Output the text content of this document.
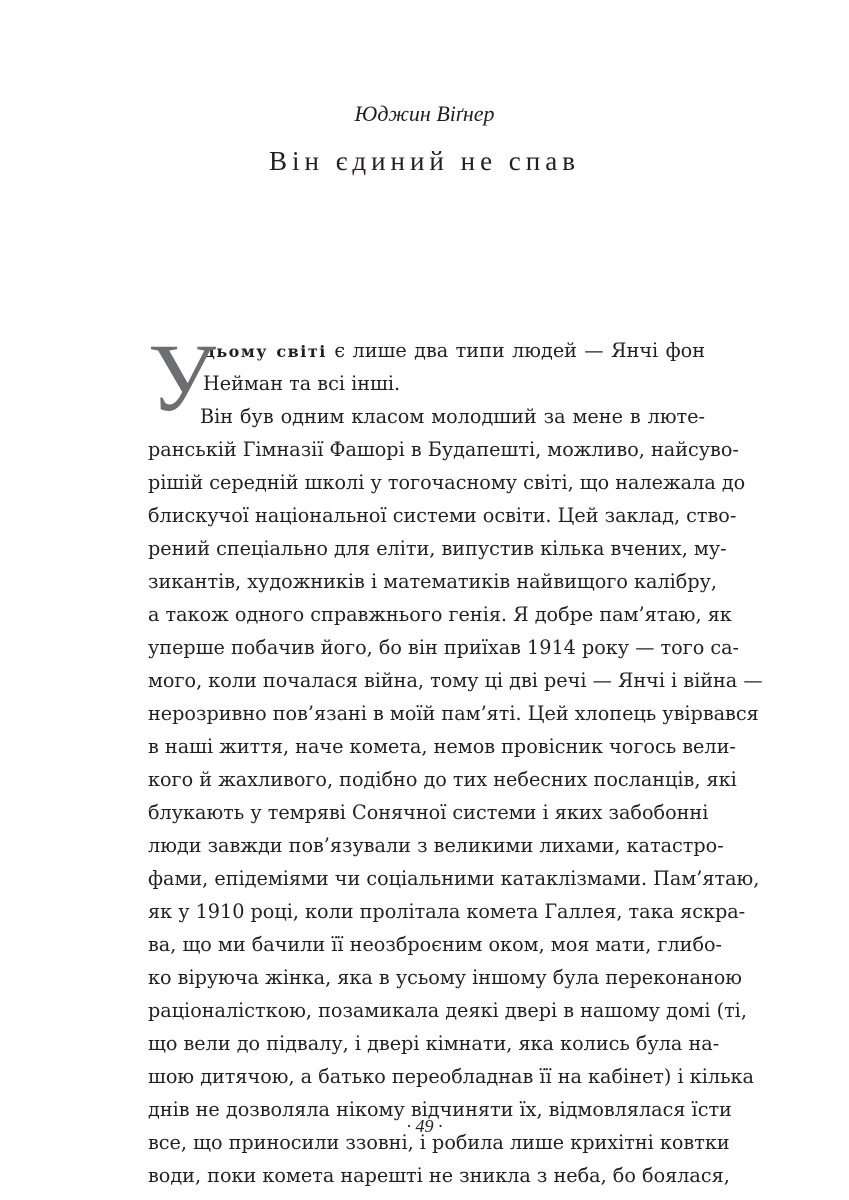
Юджин Віґнер
Він єдиний не спав
У
цьому світі є лише два типи людей — Янчі фон
Нейман та всі інші.
Він був одним класом молодший за мене в люте-
ранській Гімназії Фашорі в Будапешті, можливо, найсуво-
рішій середній школі у тогочасному світі, що належала до
блискучої національної системи освіти. Цей заклад, ство-
рений спеціально для еліти, випустив кілька вчених, му-
зикантів, художників і математиків найвищого калібру,
а також одного справжнього генія. Я добре пам’ятаю, як
уперше побачив його, бо він приїхав 1914 року — того са-
мого, коли почалася війна, тому ці дві речі — Янчі і війна —
нерозривно пов’язані в моїй пам’яті. Цей хлопець увірвався
в наші життя, наче комета, немов провісник чогось вели-
кого й жахливого, подібно до тих небесних посланців, які
блукають у темряві Сонячної системи і яких забобонні
люди завжди пов’язували з великими лихами, катастро-
фами, епідеміями чи соціальними катаклізмами. Пам’ятаю,
як у 1910 році, коли пролітала комета Галлея, така яскра-
ва, що ми бачили її неозброєним оком, моя мати, глибо-
ко віруюча жінка, яка в усьому іншому була переконаною
раціоналісткою, позамикала деякі двері в нашому домі (ті,
що вели до підвалу, і двері кімнати, яка колись була на-
шою дитячою, а батько переобладнав її на кабінет) і кілька
днів не дозволяла нікому відчиняти їх, відмовлялася їсти
все, що приносили ззовні, і робила лише крихітні ковтки
води, поки комета нарешті не зникла з неба, бо боялася,
· 49 ·
